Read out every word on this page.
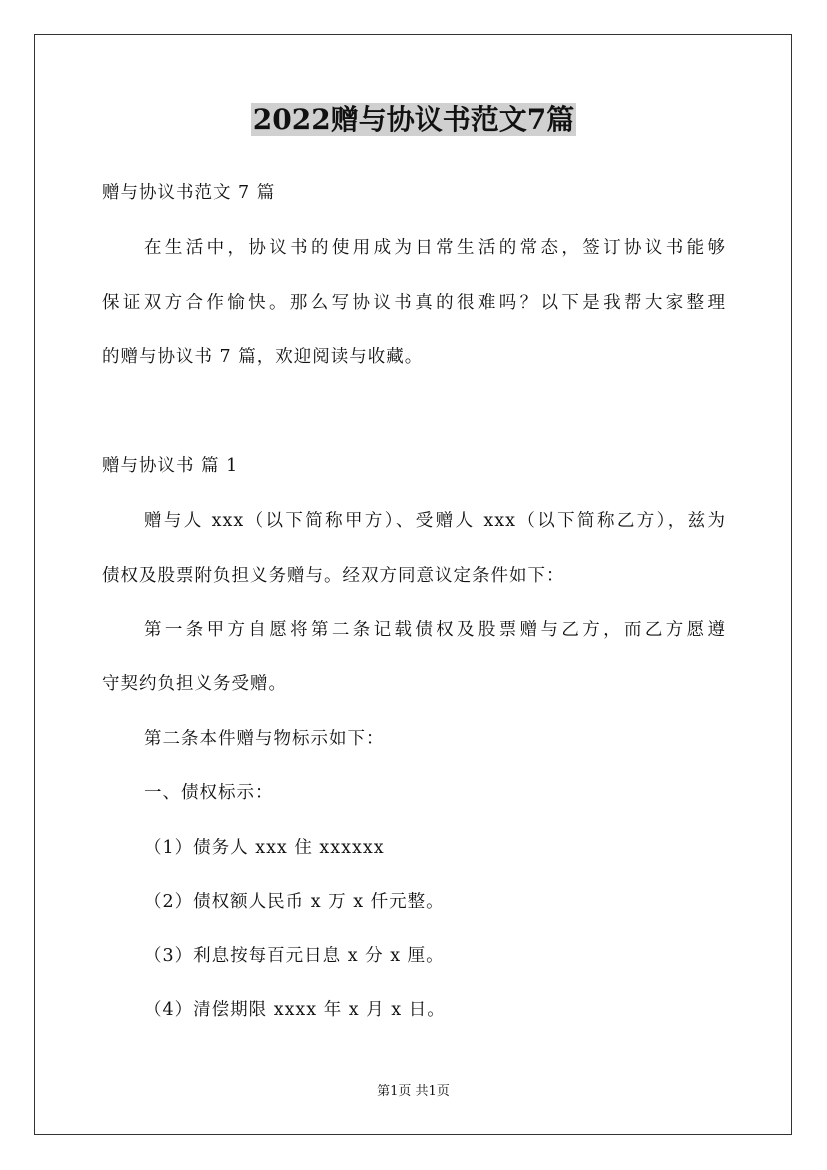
2022赠与协议书范文7篇
赠与协议书范文 7 篇
在生活中，协议书的使用成为日常生活的常态，签订协议书能够
保证双方合作愉快。那么写协议书真的很难吗？以下是我帮大家整理
的赠与协议书 7 篇，欢迎阅读与收藏。
赠与协议书 篇 1
赠与人 xxx（以下简称甲方）、受赠人 xxx（以下简称乙方），兹为
债权及股票附负担义务赠与。经双方同意议定条件如下：
第一条甲方自愿将第二条记载债权及股票赠与乙方，而乙方愿遵
守契约负担义务受赠。
第二条本件赠与物标示如下：
一、债权标示：
（1）债务人 xxx 住 xxxxxx
（2）债权额人民币 x 万 x 仟元整。
（3）利息按每百元日息 x 分 x 厘。
（4）清偿期限 xxxx 年 x 月 x 日。
第1页 共1页
